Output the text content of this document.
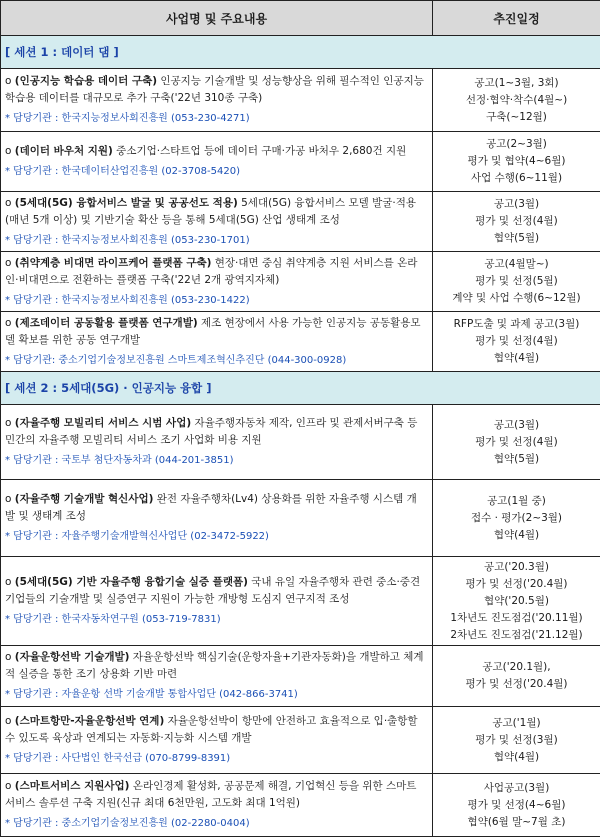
사업명 및 주요내용	추진일정
[ 세션 1 : 데이터 댐 ]	

o (인공지능 학습용 데이터 구축) 인공지능 기술개발 및 성능향상을 위해 필수적인 인공지능 학습용 데이터를 대규모로 추가 구축('22년 310종 구축)
* 담당기관 : 한국지능정보사회진흥원 (053-230-4271)	공고(1~3월, 3회)
선정·협약·착수(4월~)
구축(~12월)

o (데이터 바우처 지원) 중소기업·스타트업 등에 데이터 구매·가공 바처우 2,680건 지원
* 담당기관 : 한국데이터산업진흥원 (02-3708-5420)	공고(2~3월)
평가 및 협약(4~6월)
사업 수행(6~11월)

o (5세대(5G) 융합서비스 발굴 및 공공선도 적용) 5세대(5G) 융합서비스 모델 발굴·적용(매년 5개 이상) 및 기반기술 확산 등을 통해 5세대(5G) 산업 생태계 조성
* 담당기관 : 한국지능정보사회진흥원 (053-230-1701)	공고(3월)
평가 및 선정(4월)
협약(5월)

o (취약계층 비대면 라이프케어 플랫폼 구축) 현장·대면 중심 취약계층 지원 서비스를 온라인·비대면으로 전환하는 플랫폼 구축('22년 2개 광역지자체)
* 담당기관 : 한국지능정보사회진흥원 (053-230-1422)	공고(4월말~)
평가 및 선정(5월)
계약 및 사업 수행(6~12월)

o (제조데이터 공동활용 플랫폼 연구개발) 제조 현장에서 사용 가능한 인공지능 공동활용모델 확보를 위한 공동 연구개발
* 담당기관: 중소기업기술정보진흥원 스마트제조혁신추진단 (044-300-0928)	RFP도출 및 과제 공고(3월)
평가 및 선정(4월)
협약(4월)

[ 세션 2 : 5세대(5G) · 인공지능 융합 ]	

o (자율주행 모빌리티 서비스 시범 사업) 자율주행자동차 제작, 인프라 및 관제서버구축 등 민간의 자율주행 모빌리티 서비스 조기 사업화 비용 지원
* 담당기관 : 국토부 첨단자동차과 (044-201-3851)	공고(3월)
평가 및 선정(4월)
협약(5월)

o (자율주행 기술개발 혁신사업) 완전 자율주행차(Lv4) 상용화를 위한 자율주행 시스템 개발 및 생태계 조성
* 담당기관 : 자율주행기술개발혁신사업단 (02-3472-5922)	공고(1월 중)
접수 · 평가(2~3월)
협약(4월)

o (5세대(5G) 기반 자율주행 융합기술 실증 플랫폼) 국내 유일 자율주행차 관련 중소·중견기업들의 기술개발 및 실증연구 지원이 가능한 개방형 도심지 연구지적 조성
* 담당기관 : 한국자동차연구원 (053-719-7831)	공고('20.3월)
평가 및 선정('20.4월)
협약('20.5월)
1차년도 진도점검('20.11월)
2차년도 진도점검('21.12월)

o (자율운항선박 기술개발) 자율운항선박 핵심기술(운항자율+기관자동화)을 개발하고 체계적 실증을 통한 조기 상용화 기반 마련
* 담당기관 : 자율운항 선박 기술개발 통합사업단 (042-866-3741)	공고('20.1월),
평가 및 선정('20.4월)

o (스마트항만-자율운항선박 연계) 자율운항선박이 항만에 안전하고 효율적으로 입·출항할 수 있도록 육상과 연계되는 자동화·지능화 시스템 개발
* 담당기관 : 사단법인 한국선급 (070-8799-8391)	공고('1월)
평가 및 선정(3월)
협약(4월)

o (스마트서비스 지원사업) 온라인경제 활성화, 공공문제 해결, 기업혁신 등을 위한 스마트서비스 솔루션 구축 지원(신규 최대 6천만원, 고도화 최대 1억원)
* 담당기관 : 중소기업기술정보진흥원 (02-2280-0404)	사업공고(3월)
평가 및 선정(4~6월)
협약(6월 말~7월 초)
